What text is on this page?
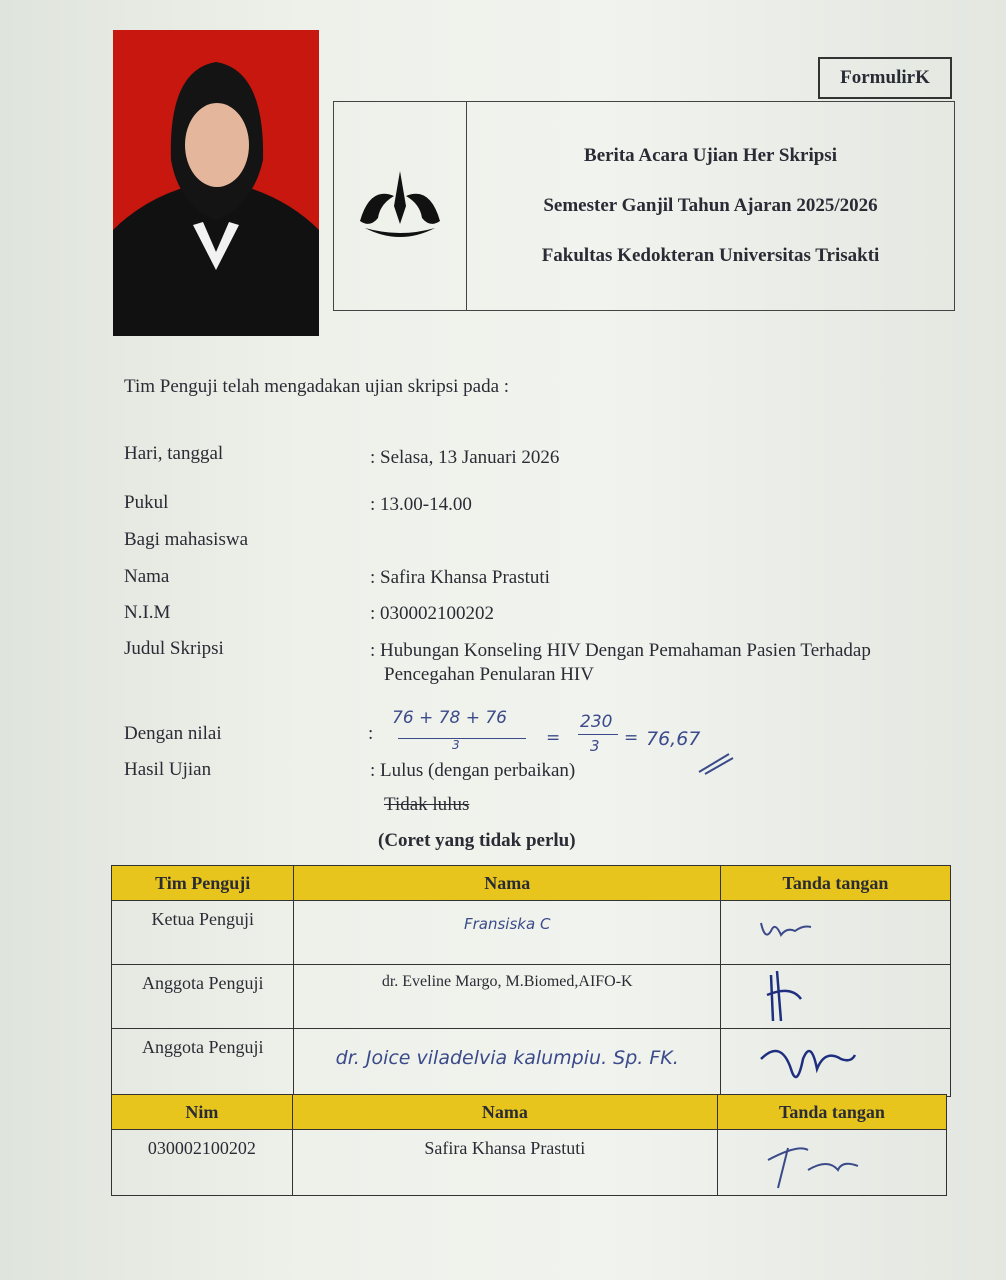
FormulirK
Berita Acara Ujian Her Skripsi
Semester Ganjil Tahun Ajaran 2025/2026
Fakultas Kedokteran Universitas Trisakti
Tim Penguji telah mengadakan ujian skripsi pada :
Hari, tanggal	: Selasa, 13 Januari 2026
Pukul	: 13.00-14.00
Bagi mahasiswa
Nama	: Safira Khansa Prastuti
N.I.M	: 030002100202
Judul Skripsi	: Hubungan Konseling HIV Dengan Pemahaman Pasien Terhadap
Pencegahan Penularan HIV
Dengan nilai	:
76 + 78 + 76
3	=
230
3 = 76,67
Hasil Ujian	: Lulus (dengan perbaikan)
Tidak lulus
(Coret yang tidak perlu)
Tim Penguji	Nama	Tanda tangan
Ketua Penguji	Fransiska C	
Anggota Penguji	dr. Eveline Margo, M.Biomed,AIFO-K	
Anggota Penguji	dr. Joice viladelvia kalumpiu. Sp. FK.	
Nim	Nama	Tanda tangan
030002100202	Safira Khansa Prastuti	
